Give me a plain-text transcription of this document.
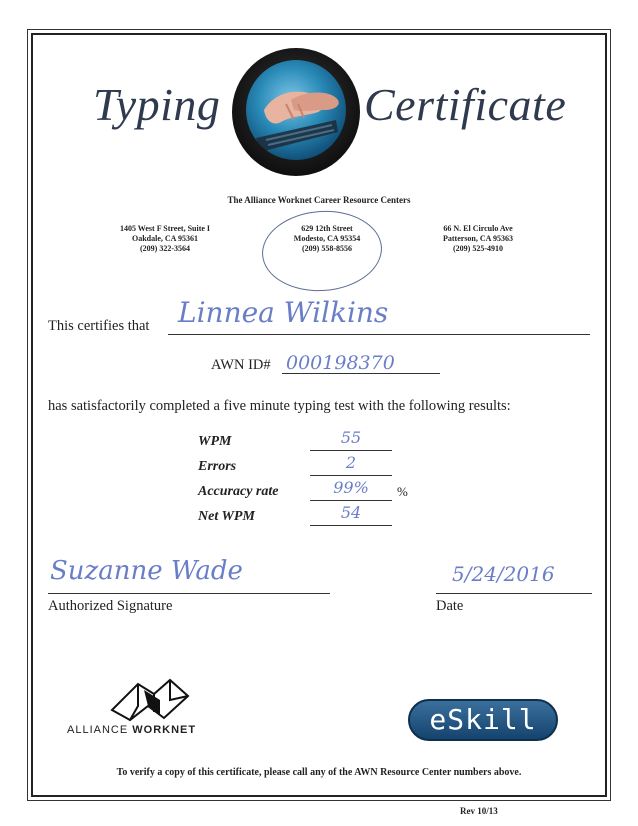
Typing	Certificate
The Alliance Worknet Career Resource Centers
1405 West F Street, Suite I
Oakdale, CA 95361
(209) 322-3564
629 12th Street
Modesto, CA 95354
(209) 558-8556
66 N. El Circulo Ave
Patterson, CA 95363
(209) 525-4910
This certifies that Linnea Wilkins
AWN ID# 000198370
has satisfactorily completed a five minute typing test with the following results:
WPM	55
Errors	2
Accuracy rate	99%	%
Net WPM	54
Suzanne Wade
Authorized Signature
5/24/2016
Date
ALLIANCE WORKNET	eSkill
To verify a copy of this certificate, please call any of the AWN Resource Center numbers above.
Rev 10/13
